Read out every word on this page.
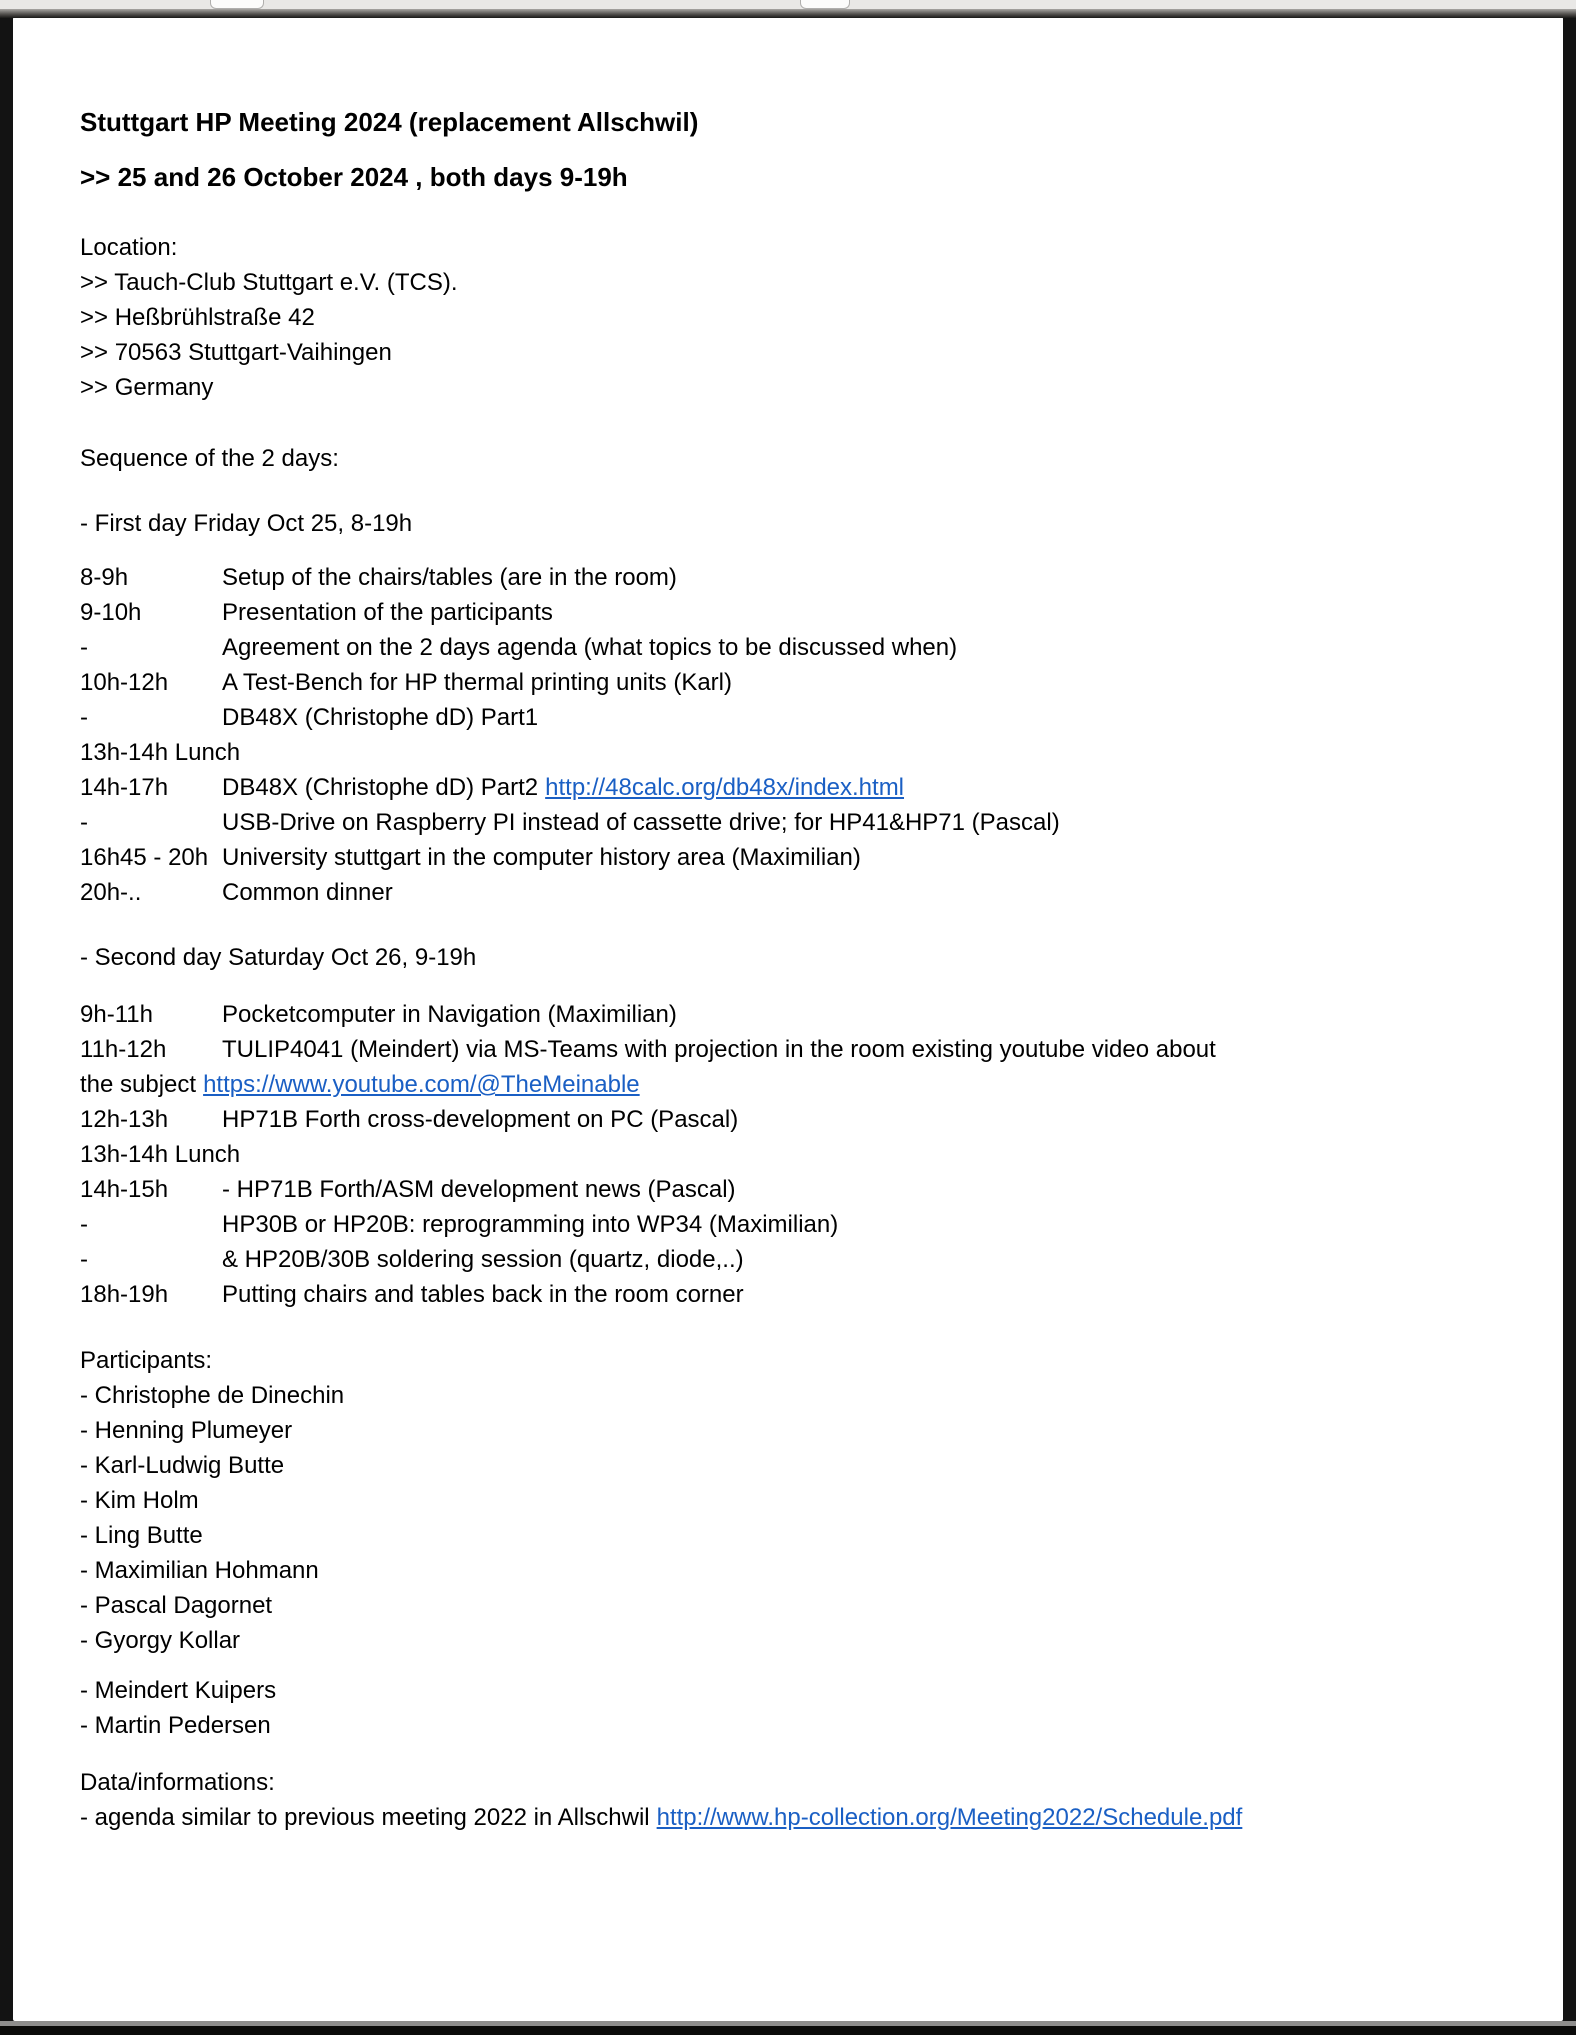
Stuttgart HP Meeting 2024 (replacement Allschwil)
>> 25 and 26 October 2024 , both days 9-19h
Location:
>> Tauch-Club Stuttgart e.V. (TCS).
>> Heßbrühlstraße 42
>> 70563 Stuttgart-Vaihingen
>> Germany
Sequence of the 2 days:
- First day Friday Oct 25, 8-19h
8-9h	Setup of the chairs/tables (are in the room)
9-10h	Presentation of the participants
-	Agreement on the 2 days agenda (what topics to be discussed when)
10h-12h A Test-Bench for HP thermal printing units (Karl)
-	DB48X (Christophe dD) Part1
13h-14h Lunch
14h-17h DB48X (Christophe dD) Part2 http://48calc.org/db48x/index.html
-	USB-Drive on Raspberry PI instead of cassette drive; for HP41&HP71 (Pascal)
16h45 - 20h University stuttgart in the computer history area (Maximilian)
20h-..	Common dinner
- Second day Saturday Oct 26, 9-19h
9h-11h	Pocketcomputer in Navigation (Maximilian)
11h-12h TULIP4041 (Meindert) via MS-Teams with projection in the room existing youtube video about
the subject https://www.youtube.com/@TheMeinable
12h-13h HP71B Forth cross-development on PC (Pascal)
13h-14h Lunch
14h-15h - HP71B Forth/ASM development news (Pascal)
-	HP30B or HP20B: reprogramming into WP34 (Maximilian)
-	& HP20B/30B soldering session (quartz, diode,..)
18h-19h Putting chairs and tables back in the room corner
Participants:
- Christophe de Dinechin
- Henning Plumeyer
- Karl-Ludwig Butte
- Kim Holm
- Ling Butte
- Maximilian Hohmann
- Pascal Dagornet
- Gyorgy Kollar
- Meindert Kuipers
- Martin Pedersen
Data/informations:
- agenda similar to previous meeting 2022 in Allschwil http://www.hp-collection.org/Meeting2022/Schedule.pdf
